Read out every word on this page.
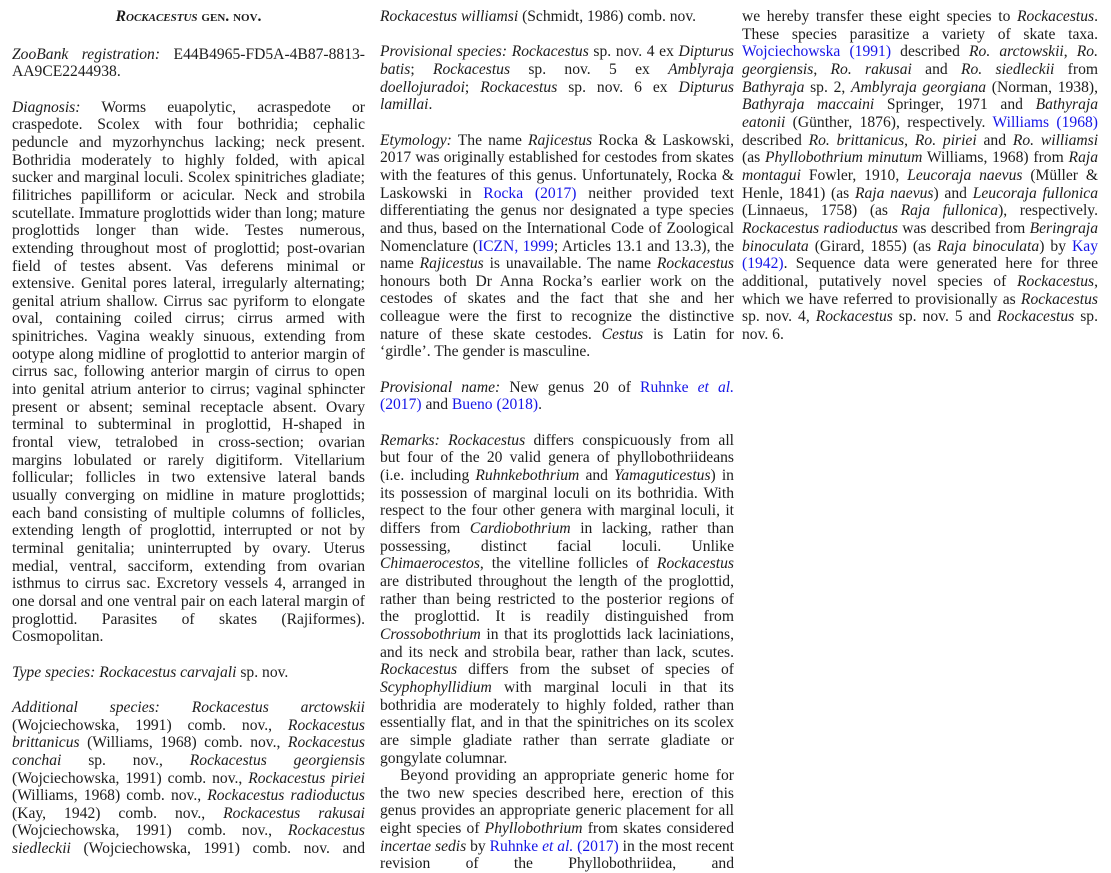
Rockacestus gen. nov.

ZooBank registration: E44B4965-FD5A-4B87-8813-AA9CE2244938.

Diagnosis: Worms euapolytic, acraspedote or craspedote. Scolex with four bothridia; cephalic peduncle and myzorhynchus lacking; neck present. Bothridia moderately to highly folded, with apical sucker and marginal loculi. Scolex spinitriches gladiate; filitriches papilliform or acicular. Neck and strobila scutellate. Immature proglottids wider than long; mature proglottids longer than wide. Testes numerous, extending throughout most of proglottid; post-ovarian field of testes absent. Vas deferens minimal or extensive. Genital pores lateral, irregularly alternating; genital atrium shallow. Cirrus sac pyriform to elongate oval, containing coiled cirrus; cirrus armed with spinitriches. Vagina weakly sinuous, extending from ootype along midline of proglottid to anterior margin of cirrus sac, following anterior margin of cirrus to open into genital atrium anterior to cirrus; vaginal sphincter present or absent; seminal receptacle absent. Ovary terminal to subterminal in proglottid, H-shaped in frontal view, tetralobed in cross-section; ovarian margins lobulated or rarely digitiform. Vitellarium follicular; follicles in two extensive lateral bands usually converging on midline in mature proglottids; each band consisting of multiple columns of follicles, extending length of proglottid, interrupted or not by terminal genitalia; uninterrupted by ovary. Uterus medial, ventral, sacciform, extending from ovarian isthmus to cirrus sac. Excretory vessels 4, arranged in one dorsal and one ventral pair on each lateral margin of proglottid. Parasites of skates (Rajiformes). Cosmopolitan.

Type species: Rockacestus carvajali sp. nov.

Additional species: Rockacestus arctowskii (Wojciechowska, 1991) comb. nov., Rockacestus brittanicus (Williams, 1968) comb. nov., Rockacestus conchai sp. nov., Rockacestus georgiensis (Wojciechowska, 1991) comb. nov., Rockacestus piriei (Williams, 1968) comb. nov., Rockacestus radioductus (Kay, 1942) comb. nov., Rockacestus rakusai (Wojciechowska, 1991) comb. nov., Rockacestus siedleckii (Wojciechowska, 1991) comb. nov. and

Rockacestus williamsi (Schmidt, 1986) comb. nov.

Provisional species: Rockacestus sp. nov. 4 ex Dipturus batis; Rockacestus sp. nov. 5 ex Amblyraja doellojuradoi; Rockacestus sp. nov. 6 ex Dipturus lamillai.

Etymology: The name Rajicestus Rocka & Laskowski, 2017 was originally established for cestodes from skates with the features of this genus. Unfortunately, Rocka & Laskowski in Rocka (2017) neither provided text differentiating the genus nor designated a type species and thus, based on the International Code of Zoological Nomenclature (ICZN, 1999; Articles 13.1 and 13.3), the name Rajicestus is unavailable. The name Rockacestus honours both Dr Anna Rocka’s earlier work on the cestodes of skates and the fact that she and her colleague were the first to recognize the distinctive nature of these skate cestodes. Cestus is Latin for ‘girdle’. The gender is masculine.

Provisional name: New genus 20 of Ruhnke et al. (2017) and Bueno (2018).

Remarks: Rockacestus differs conspicuously from all but four of the 20 valid genera of phyllobothriideans (i.e. including Ruhnkebothrium and Yamaguticestus) in its possession of marginal loculi on its bothridia. With respect to the four other genera with marginal loculi, it differs from Cardiobothrium in lacking, rather than possessing, distinct facial loculi. Unlike Chimaerocestos, the vitelline follicles of Rockacestus are distributed throughout the length of the proglottid, rather than being restricted to the posterior regions of the proglottid. It is readily distinguished from Crossobothrium in that its proglottids lack laciniations, and its neck and strobila bear, rather than lack, scutes. Rockacestus differs from the subset of species of Scyphophyllidium with marginal loculi in that its bothridia are moderately to highly folded, rather than essentially flat, and in that the spinitriches on its scolex are simple gladiate rather than serrate gladiate or gongylate columnar.

Beyond providing an appropriate generic home for the two new species described here, erection of this genus provides an appropriate generic placement for all eight species of Phyllobothrium from skates considered incertae sedis by Ruhnke et al. (2017) in the most recent revision of the Phyllobothriidea, and

we hereby transfer these eight species to Rockacestus. These species parasitize a variety of skate taxa. Wojciechowska (1991) described Ro. arctowskii, Ro. georgiensis, Ro. rakusai and Ro. siedleckii from Bathyraja sp. 2, Amblyraja georgiana (Norman, 1938), Bathyraja maccaini Springer, 1971 and Bathyraja eatonii (Günther, 1876), respectively. Williams (1968) described Ro. brittanicus, Ro. piriei and Ro. williamsi (as Phyllobothrium minutum Williams, 1968) from Raja montagui Fowler, 1910, Leucoraja naevus (Müller & Henle, 1841) (as Raja naevus) and Leucoraja fullonica (Linnaeus, 1758) (as Raja fullonica), respectively. Rockacestus radioductus was described from Beringraja binoculata (Girard, 1855) (as Raja binoculata) by Kay (1942). Sequence data were generated here for three additional, putatively novel species of Rockacestus, which we have referred to provisionally as Rockacestus sp. nov. 4, Rockacestus sp. nov. 5 and Rockacestus sp. nov. 6.
